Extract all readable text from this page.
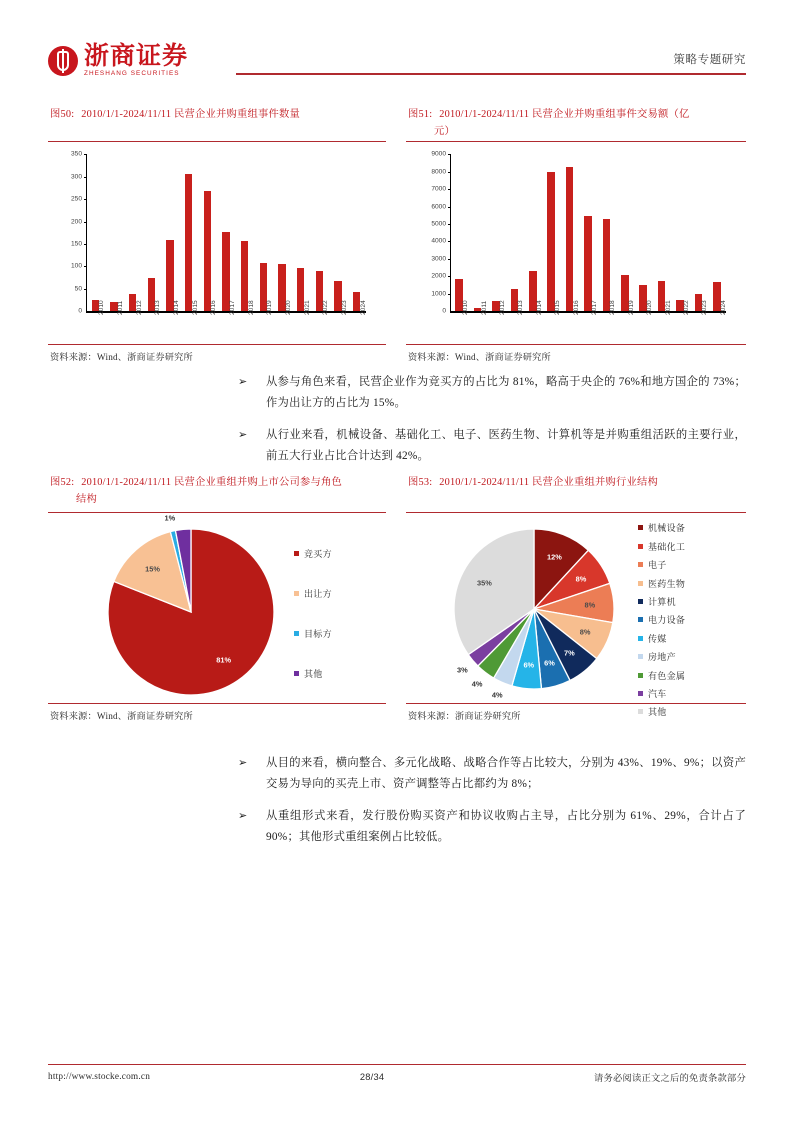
浙商证券
ZHESHANG SECURITIES
策略专题研究
图50: 2010/1/1-2024/11/11 民营企业并购重组事件数量
350
300
250
200
150
100
50
0 2010 2011 2012 2013 2014 2015 2016 2017 2018 2019 2020 2021 2022 2023 2024
资料来源：Wind、浙商证券研究所
图51: 2010/1/1-2024/11/11 民营企业并购重组事件交易额（亿
元）
9000
8000
7000
6000
5000
4000
3000
2000
1000
0 2010 2011 2012 2013 2014 2015 2016 2017 2018 2019 2020 2021 2022 2023 2024
资料来源：Wind、浙商证券研究所
➢	从参与角色来看，民营企业作为竞买方的占比为 81%，略高于央企的 76%和地方国企的 73%；作为出让方的占比为 15%。
➢	从行业来看，机械设备、基础化工、电子、医药生物、计算机等是并购重组活跃的主要行业，前五大行业占比合计达到 42%。
图52: 2010/1/1-2024/11/11 民营企业重组并购上市公司参与角色
结构
81%
15%
1%
竞买方
出让方
目标方
其他
资料来源：Wind、浙商证券研究所
图53: 2010/1/1-2024/11/11 民营企业重组并购行业结构
12%
8%
8%
8%
7%
6%
6%
4%
4%
3%
35%
机械设备
基础化工
电子
医药生物
计算机
电力设备
传媒
房地产
有色金属
汽车
其他
资料来源：浙商证券研究所
➢	从目的来看，横向整合、多元化战略、战略合作等占比较大，分别为 43%、19%、9%；以资产交易为导向的买壳上市、资产调整等占比都约为 8%；
➢	从重组形式来看，发行股份购买资产和协议收购占主导，占比分别为 61%、29%，合计占了 90%；其他形式重组案例占比较低。
http://www.stocke.com.cn	28/34	请务必阅读正文之后的免责条款部分
